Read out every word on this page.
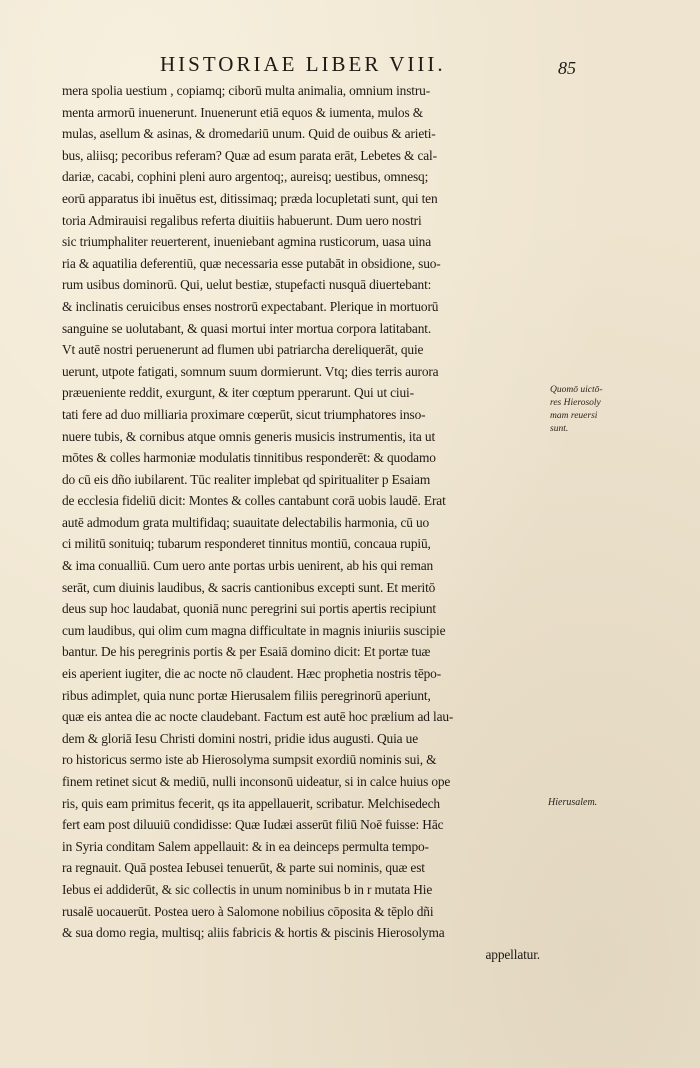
HISTORIAE LIBER VIII.	85
mera spolia uestium , copiamq; ciborū multa animalia, omnium instru-
menta armorū inuenerunt. Inuenerunt etiā equos & iumenta, mulos &
mulas, asellum & asinas, & dromedariū unum. Quid de ouibus & arieti-
bus, aliisq; pecoribus referam? Quæ ad esum parata erāt, Lebetes & cal-
dariæ, cacabi, cophini pleni auro argentoq;, aureisq; uestibus, omnesq;
eorū apparatus ibi inuētus est, ditissimaq; præda locupletati sunt, qui ten
toria Admirauisi regalibus referta diuitiis habuerunt. Dum uero nostri
sic triumphaliter reuerterent, inueniebant agmina rusticorum, uasa uina
ria & aquatilia deferentiū, quæ necessaria esse putabāt in obsidione, suo-
rum usibus dominorū. Qui, uelut bestiæ, stupefacti nusquā diuertebant:
& inclinatis ceruicibus enses nostrorū expectabant. Plerique in mortuorū
sanguine se uolutabant, & quasi mortui inter mortua corpora latitabant.
Vt autē nostri peruenerunt ad flumen ubi patriarcha dereliquerāt, quie
uerunt, utpote fatigati, somnum suum dormierunt. Vtq; dies terris aurora
præueniente reddit, exurgunt, & iter cœptum pperarunt. Qui ut ciui-
tati fere ad duo milliaria proximare cœperūt, sicut triumphatores inso-
nuere tubis, & cornibus atque omnis generis musicis instrumentis, ita ut
mōtes & colles harmoniæ modulatis tinnitibus responderēt: & quodamo
do cū eis dño iubilarent. Tūc realiter implebat qd spiritualiter p Esaiam
de ecclesia fideliū dicit: Montes & colles cantabunt corā uobis laudē. Erat
autē admodum grata multifidaq; suauitate delectabilis harmonia, cū uo
ci militū sonituiq; tubarum responderet tinnitus montiū, concaua rupiū,
& ima conualliū. Cum uero ante portas urbis uenirent, ab his qui reman
serāt, cum diuinis laudibus, & sacris cantionibus excepti sunt. Et meritō
deus sup hoc laudabat, quoniā nunc peregrini sui portis apertis recipiunt
cum laudibus, qui olim cum magna difficultate in magnis iniuriis suscipie
bantur. De his peregrinis portis & per Esaiā domino dicit: Et portæ tuæ
eis aperient iugiter, die ac nocte nō claudent. Hæc prophetia nostris tēpo-
ribus adimplet, quia nunc portæ Hierusalem filiis peregrinorū aperiunt,
quæ eis antea die ac nocte claudebant. Factum est autē hoc prælium ad lau-
dem & gloriā Iesu Christi domini nostri, pridie idus augusti. Quia ue
ro historicus sermo iste ab Hierosolyma sumpsit exordiū nominis sui, &
finem retinet sicut & mediū, nulli inconsonū uideatur, si in calce huius ope
ris, quis eam primitus fecerit, qs ita appellauerit, scribatur. Melchisedech
fert eam post diluuiū condidisse: Quæ Iudæi asserūt filiū Noē fuisse: Hāc
in Syria conditam Salem appellauit: & in ea deinceps permulta tempo-
ra regnauit. Quā postea Iebusei tenuerūt, & parte sui nominis, quæ est
Iebus ei addiderūt, & sic collectis in unum nominibus b in r mutata Hie
rusalē uocauerūt. Postea uero à Salomone nobilius cōposita & tēplo dñi
& sua domo regia, multisq; aliis fabricis & hortis & piscinis Hierosolyma
appellatur.
Quomō uictō-
res Hierosoly
mam reuersi
sunt.
Hierusalem.
